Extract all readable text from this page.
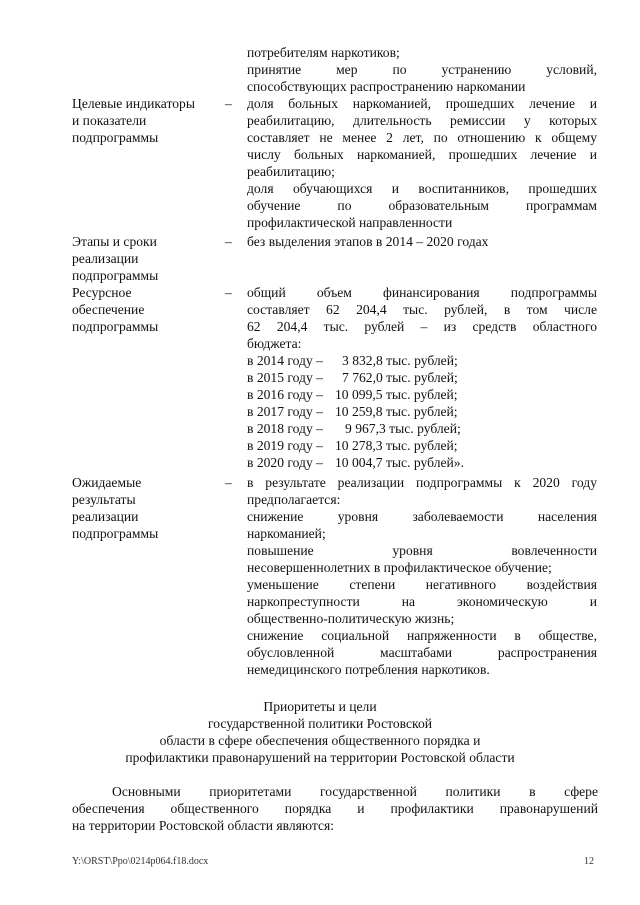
потребителям наркотиков;
принятие мер по устранению условий,
способствующих распространению наркомании
Целевые индикаторы
и показатели
подпрограммы
– доля больных наркоманией, прошедших лечение и
реабилитацию, длительность ремиссии у которых
составляет не менее 2 лет, по отношению к общему
числу больных наркоманией, прошедших лечение и
реабилитацию;
доля обучающихся и воспитанников, прошедших
обучение по образовательным программам
профилактической направленности
Этапы и сроки
реализации
подпрограммы
– без выделения этапов в 2014 – 2020 годах
Ресурсное
обеспечение
подпрограммы
– общий объем финансирования подпрограммы
составляет 62 204,4 тыс. рублей, в том числе
62 204,4 тыс. рублей – из средств областного
бюджета:
в 2014 году – 3 832,8 тыс. рублей;
в 2015 году – 7 762,0 тыс. рублей;
в 2016 году – 10 099,5 тыс. рублей;
в 2017 году – 10 259,8 тыс. рублей;
в 2018 году – 9 967,3 тыс. рублей;
в 2019 году – 10 278,3 тыс. рублей;
в 2020 году – 10 004,7 тыс. рублей».
Ожидаемые
результаты
реализации
подпрограммы
– в результате реализации подпрограммы к 2020 году
предполагается:
снижение уровня заболеваемости населения
наркоманией;
повышение уровня вовлеченности
несовершеннолетних в профилактическое обучение;
уменьшение степени негативного воздействия
наркопреступности на экономическую и
общественно-политическую жизнь;
снижение социальной напряженности в обществе,
обусловленной масштабами распространения
немедицинского потребления наркотиков.
Приоритеты и цели
государственной политики Ростовской
области в сфере обеспечения общественного порядка и
профилактики правонарушений на территории Ростовской области
Основными приоритетами государственной политики в сфере
обеспечения общественного порядка и профилактики правонарушений
на территории Ростовской области являются:
Y:\ORST\Ppo\0214p064.f18.docx	12
